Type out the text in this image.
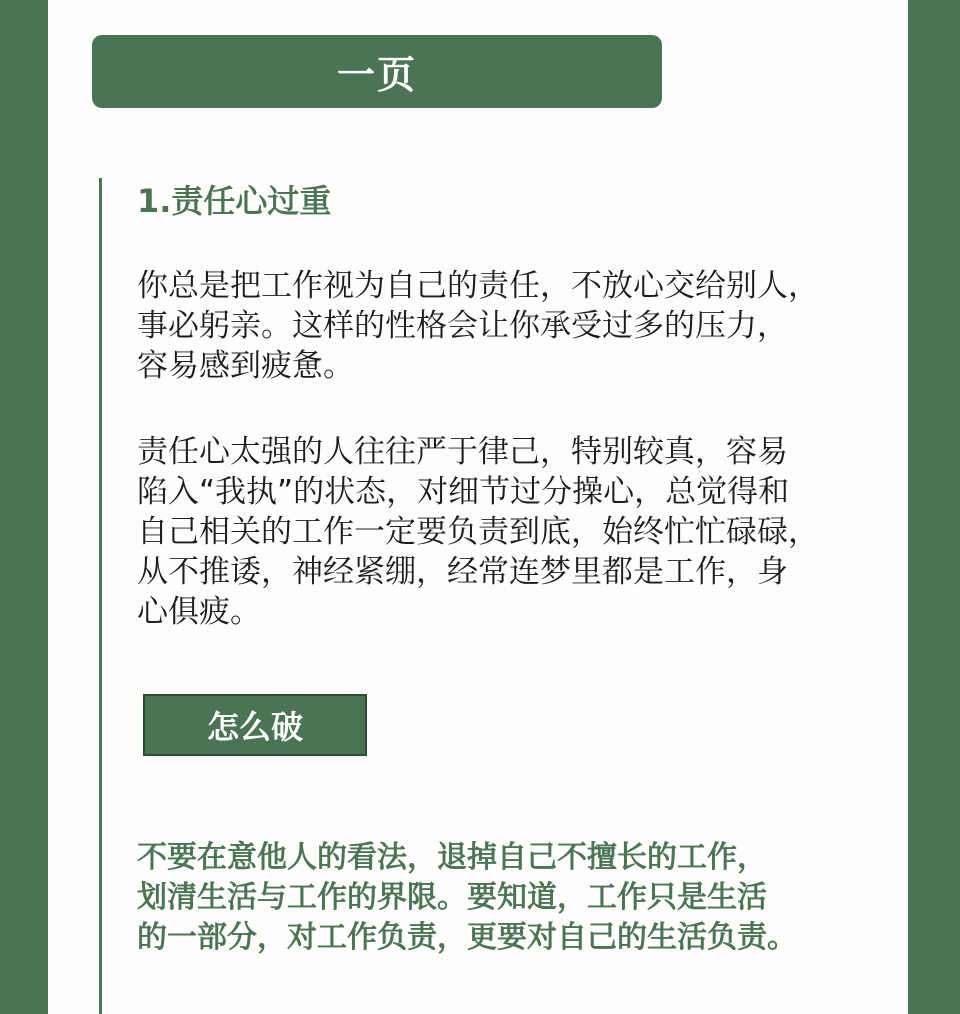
一页
1.责任心过重

你总是把工作视为自己的责任，不放心交给别人，
事必躬亲。这样的性格会让你承受过多的压力，
容易感到疲惫。

责任心太强的人往往严于律己，特别较真，容易
陷入“我执”的状态，对细节过分操心，总觉得和
自己相关的工作一定要负责到底，始终忙忙碌碌，
从不推诿，神经紧绷，经常连梦里都是工作，身
心俱疲。

怎么破

不要在意他人的看法，退掉自己不擅长的工作，
划清生活与工作的界限。要知道，工作只是生活
的一部分，对工作负责，更要对自己的生活负责。
